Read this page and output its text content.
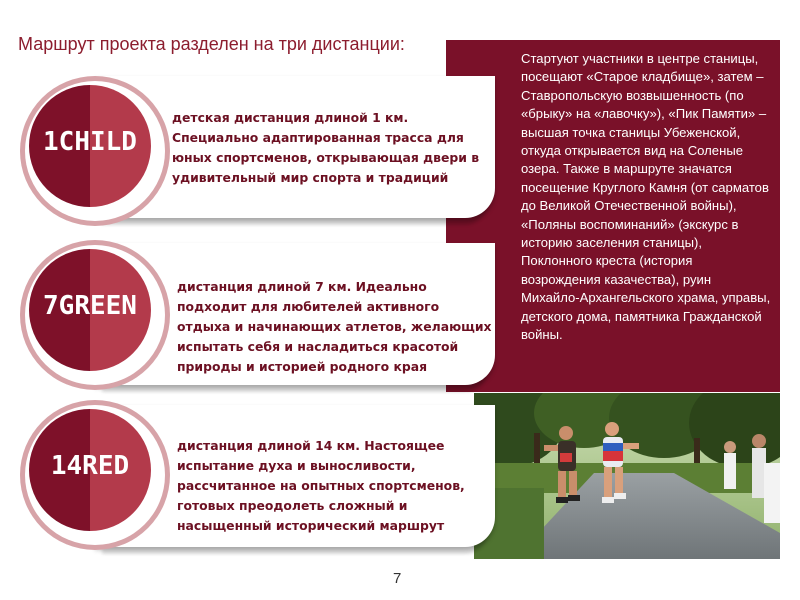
Маршрут проекта разделен на три дистанции:
Стартуют участники в центре станицы, посещают «Старое кладбище», затем – Ставропольскую возвышенность (по «брыку» на «лавочку»), «Пик Памяти» – высшая точка станицы Убеженской, откуда открывается вид на Соленые озера. Также в маршруте значатся посещение Круглого Камня (от сарматов до Великой Отечественной войны), «Поляны воспоминаний» (экскурс в историю заселения станицы), Поклонного креста (история возрождения казачества), руин Михайло-Архангельского храма, управы, детского дома, памятника Гражданской войны.
детская дистанция длиной 1 км. Специально адаптированная трасса для юных спортсменов, открывающая двери в удивительный мир спорта и традиций
1CHILD
дистанция длиной 7 км. Идеально подходит для любителей активного отдыха и начинающих атлетов, желающих испытать себя и насладиться красотой природы и историей родного края
7GREEN
дистанция длиной 14 км. Настоящее испытание духа и выносливости, рассчитанное на опытных спортсменов, готовых преодолеть сложный и насыщенный исторический маршрут
14RED
7
